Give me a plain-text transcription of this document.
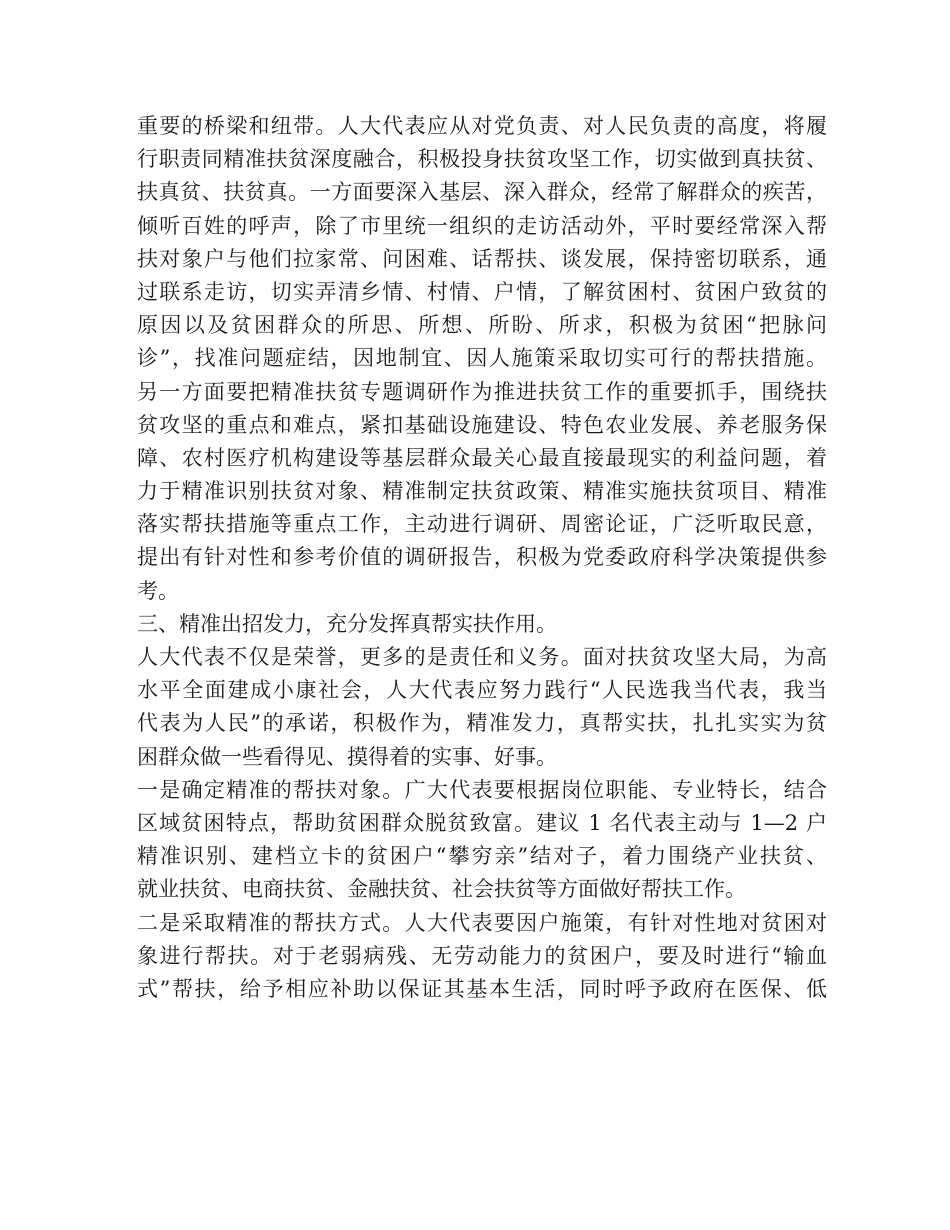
重要的桥梁和纽带。人大代表应从对党负责、对人民负责的高度，将履
行职责同精准扶贫深度融合，积极投身扶贫攻坚工作，切实做到真扶贫、
扶真贫、扶贫真。一方面要深入基层、深入群众，经常了解群众的疾苦，
倾听百姓的呼声，除了市里统一组织的走访活动外，平时要经常深入帮
扶对象户与他们拉家常、问困难、话帮扶、谈发展，保持密切联系，通
过联系走访，切实弄清乡情、村情、户情，了解贫困村、贫困户致贫的
原因以及贫困群众的所思、所想、所盼、所求，积极为贫困“把脉问
诊”，找准问题症结，因地制宜、因人施策采取切实可行的帮扶措施。
另一方面要把精准扶贫专题调研作为推进扶贫工作的重要抓手，围绕扶
贫攻坚的重点和难点，紧扣基础设施建设、特色农业发展、养老服务保
障、农村医疗机构建设等基层群众最关心最直接最现实的利益问题，着
力于精准识别扶贫对象、精准制定扶贫政策、精准实施扶贫项目、精准
落实帮扶措施等重点工作，主动进行调研、周密论证，广泛听取民意，
提出有针对性和参考价值的调研报告，积极为党委政府科学决策提供参
考。
三、精准出招发力，充分发挥真帮实扶作用。
人大代表不仅是荣誉，更多的是责任和义务。面对扶贫攻坚大局，为高
水平全面建成小康社会，人大代表应努力践行“人民选我当代表，我当
代表为人民”的承诺，积极作为，精准发力，真帮实扶，扎扎实实为贫
困群众做一些看得见、摸得着的实事、好事。
一是确定精准的帮扶对象。广大代表要根据岗位职能、专业特长，结合
区域贫困特点，帮助贫困群众脱贫致富。建议 1 名代表主动与 1—2 户
精准识别、建档立卡的贫困户“攀穷亲”结对子，着力围绕产业扶贫、
就业扶贫、电商扶贫、金融扶贫、社会扶贫等方面做好帮扶工作。
二是采取精准的帮扶方式。人大代表要因户施策，有针对性地对贫困对
象进行帮扶。对于老弱病残、无劳动能力的贫困户，要及时进行“输血
式”帮扶，给予相应补助以保证其基本生活，同时呼予政府在医保、低
